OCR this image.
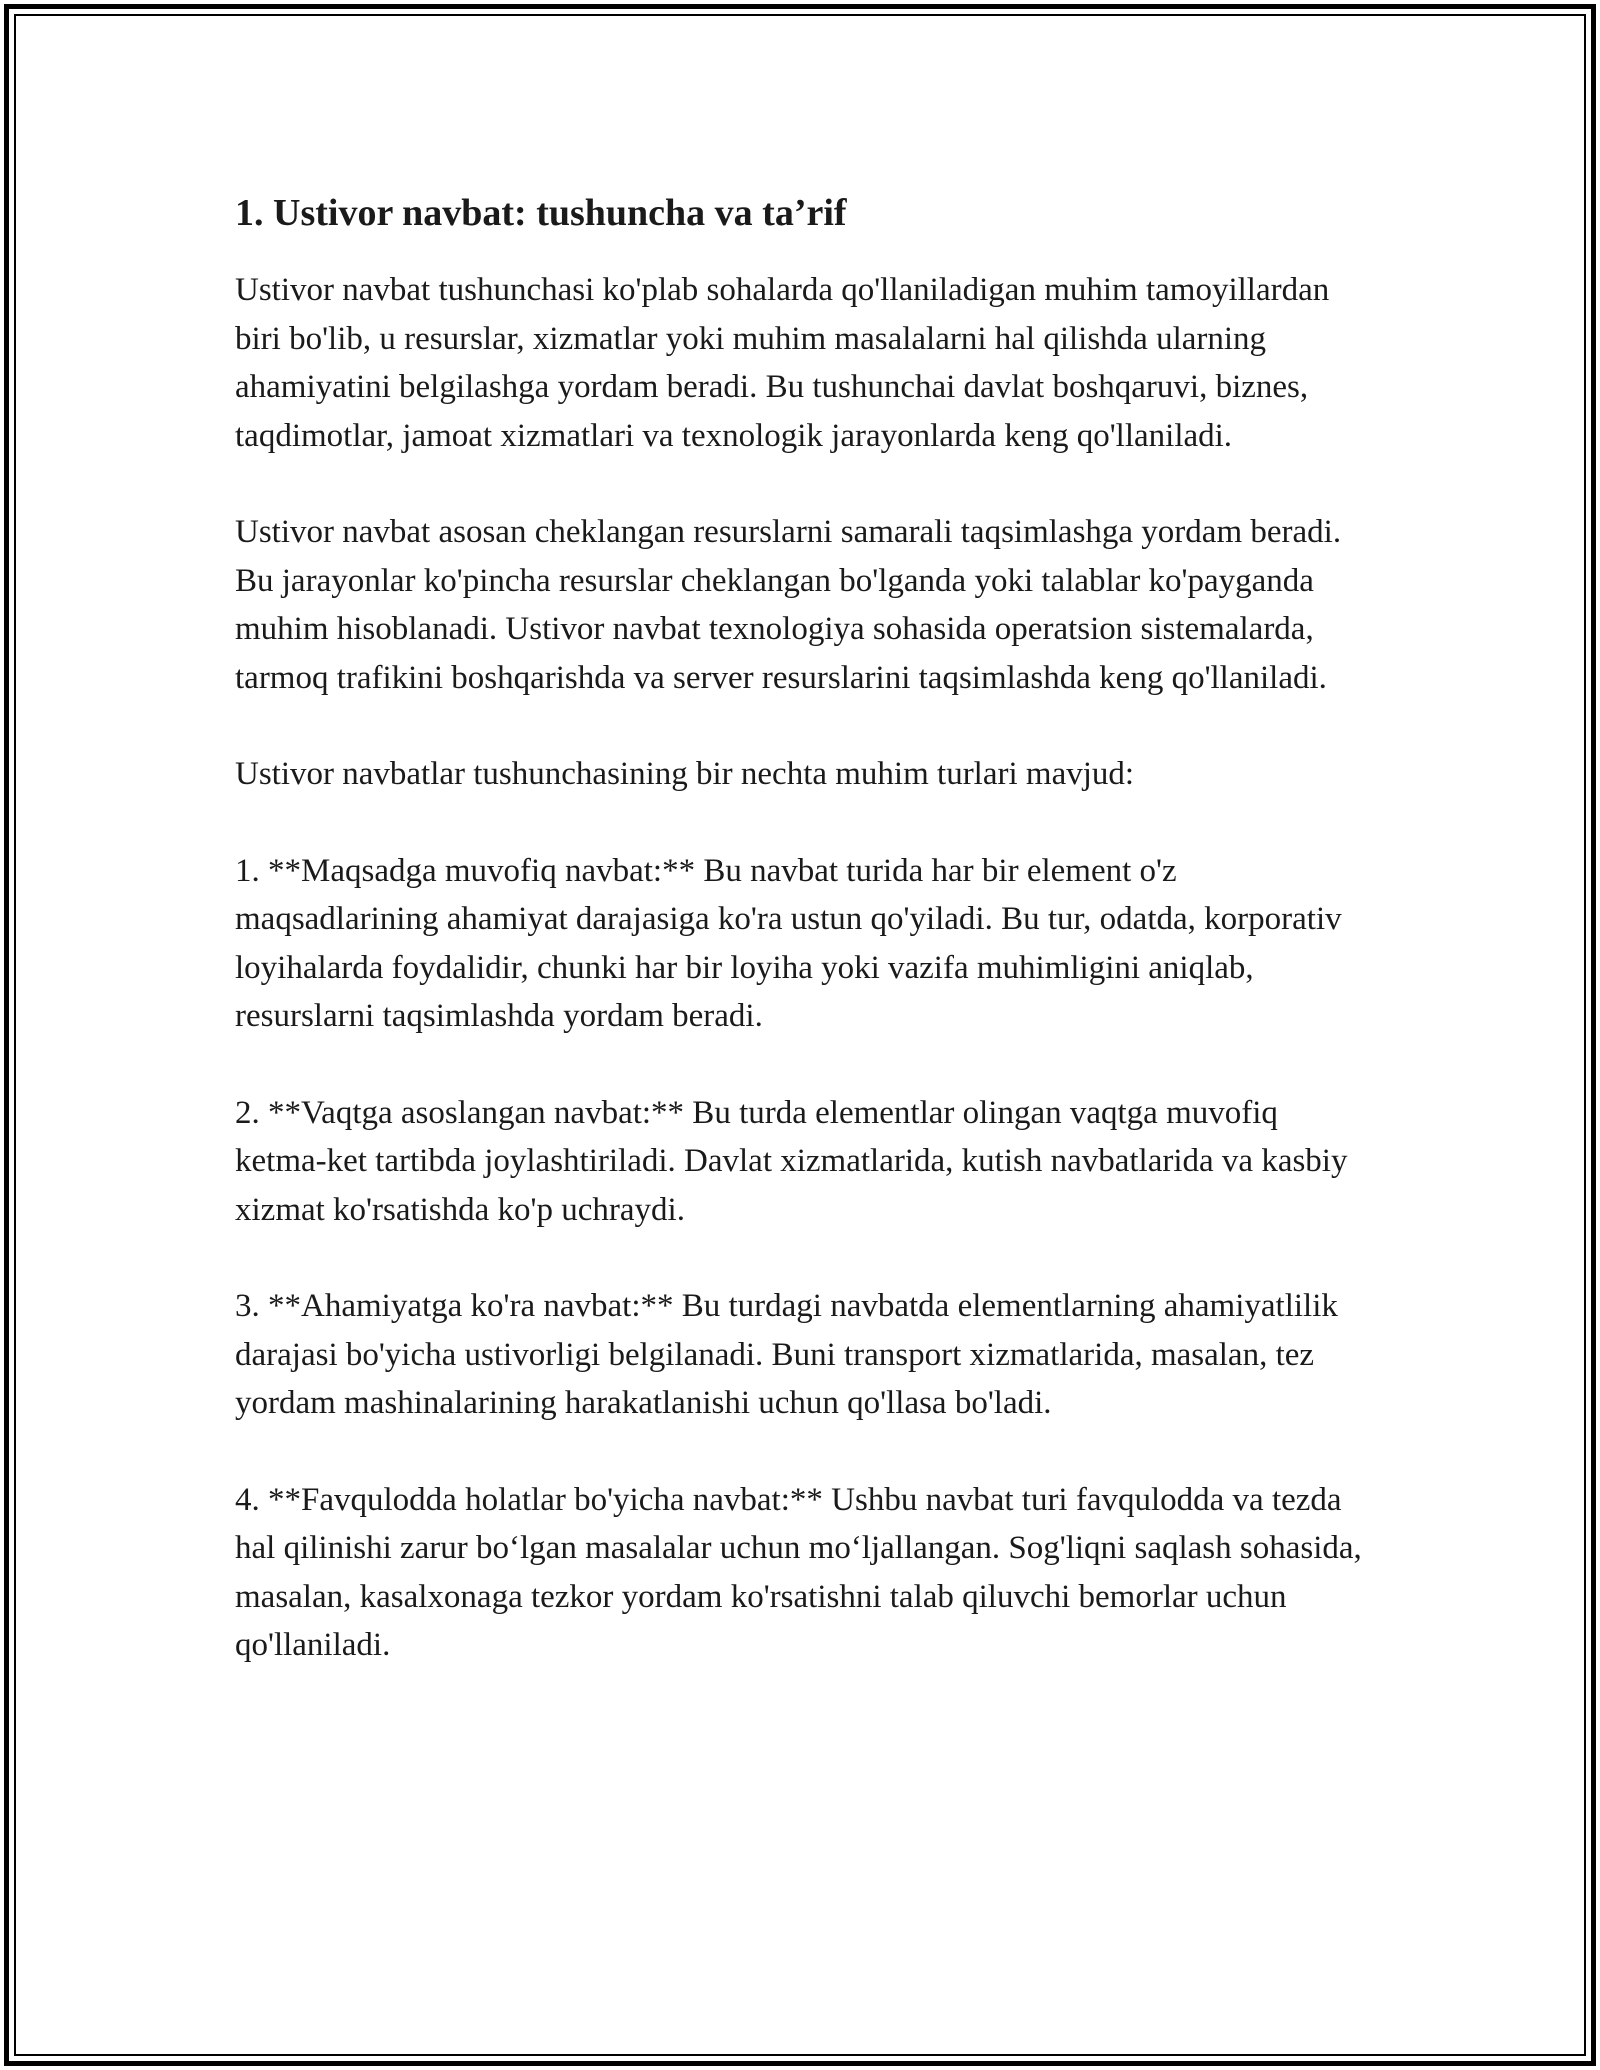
1. Ustivor navbat: tushuncha va ta’rif

Ustivor navbat tushunchasi ko'plab sohalarda qo'llaniladigan muhim tamoyillardan biri bo'lib, u resurslar, xizmatlar yoki muhim masalalarni hal qilishda ularning ahamiyatini belgilashga yordam beradi. Bu tushunchai davlat boshqaruvi, biznes, taqdimotlar, jamoat xizmatlari va texnologik jarayonlarda keng qo'llaniladi.

Ustivor navbat asosan cheklangan resurslarni samarali taqsimlashga yordam beradi. Bu jarayonlar ko'pincha resurslar cheklangan bo'lganda yoki talablar ko'payganda muhim hisoblanadi. Ustivor navbat texnologiya sohasida operatsion sistemalarda, tarmoq trafikini boshqarishda va server resurslarini taqsimlashda keng qo'llaniladi.

Ustivor navbatlar tushunchasining bir nechta muhim turlari mavjud:

1. **Maqsadga muvofiq navbat:** Bu navbat turida har bir element o'z maqsadlarining ahamiyat darajasiga ko'ra ustun qo'yiladi. Bu tur, odatda, korporativ loyihalarda foydalidir, chunki har bir loyiha yoki vazifa muhimligini aniqlab, resurslarni taqsimlashda yordam beradi.

2. **Vaqtga asoslangan navbat:** Bu turda elementlar olingan vaqtga muvofiq ketma-ket tartibda joylashtiriladi. Davlat xizmatlarida, kutish navbatlarida va kasbiy xizmat ko'rsatishda ko'p uchraydi.

3. **Ahamiyatga ko'ra navbat:** Bu turdagi navbatda elementlarning ahamiyatlilik darajasi bo'yicha ustivorligi belgilanadi. Buni transport xizmatlarida, masalan, tez yordam mashinalarining harakatlanishi uchun qo'llasa bo'ladi.

4. **Favqulodda holatlar bo'yicha navbat:** Ushbu navbat turi favqulodda va tezda hal qilinishi zarur bo‘lgan masalalar uchun mo‘ljallangan. Sog'liqni saqlash sohasida, masalan, kasalxonaga tezkor yordam ko'rsatishni talab qiluvchi bemorlar uchun qo'llaniladi.
